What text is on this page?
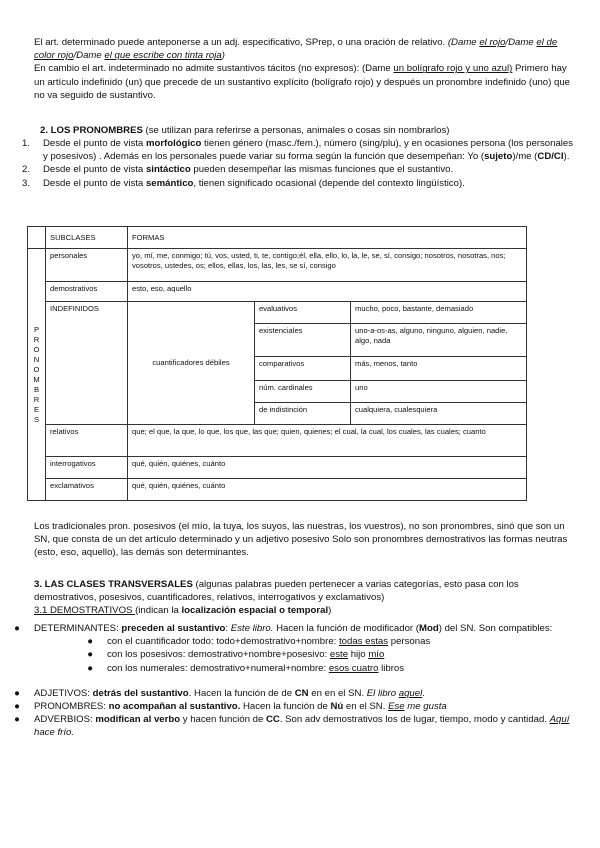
El art. determinado puede anteponerse a un adj. especificativo, SPrep, o una oración de relativo. (Dame el rojo/Dame el de color rojo/Dame el que escribe con tinta roja)

En cambio el art. indeterminado no admite sustantivos tácitos (no expresos): (Dame un bolígrafo rojo y uno azul) Primero hay un artículo indefinido (un) que precede de un sustantivo explícito (bolígrafo rojo) y después un pronombre indefinido (uno) que no va seguido de sustantivo.

2. LOS PRONOMBRES (se utilizan para referirse a personas, animales o cosas sin nombrarlos)

1.	Desde el punto de vista morfológico tienen género (masc./fem.), número (sing/plu), y en ocasiones persona (los personales y posesivos) . Además en los personales puede variar su forma según la función que desempeñan: Yo (sujeto)/me (CD/CI).
2.	Desde el punto de vista sintáctico pueden desempeñar las mismas funciones que el sustantivo.
3.	Desde el punto de vista semántico, tienen significado ocasional (depende del contexto lingüístico).
	SUBCLASES	FORMAS		
P R O N O M B R E S	personales	yo, mí, me, conmigo; tú, vos, usted, ti, te, contigo;él, ella, ello, lo, la, le, se, sí, consigo; nosotros, nosotras, nos; vosotros, ustedes, os; ellos, ellas, los, las, les, se sí, consigo		
	demostrativos	esto, eso, aquello		
	INDEFINIDOS	cuantificadores débiles	evaluativos	mucho, poco, bastante, demasiado
			existenciales	uno-a-os-as, alguno, ninguno, alguien, nadie, algo, nada
			comparativos	más, menos, tanto
			núm. cardinales	uno
			de indistinción	cualquiera, cualesquiera
	relativos	que; el que, la que, lo que, los que, las que; quien, quienes; el cual, la cual, los cuales, las cuales; cuanto		
	interrogativos	qué, quién, quiénes, cuánto		
	exclamativos	qué, quién, quiénes, cuánto		

Los tradicionales pron. posesivos (el mío, la tuya, los suyos, las nuestras, los vuestros), no son pronombres, sinó que son un SN, que consta de un det artículo determinado y un adjetivo posesivo Solo son pronombres demostrativos las formas neutras (esto, eso, aquello), las demás son determinantes.

3. LAS CLASES TRANSVERSALES (algunas palabras pueden pertenecer a varias categorías, esto pasa con los demostrativos, posesivos, cuantificadores, relativos, interrogativos y exclamativos)

3.1 DEMOSTRATIVOS (indican la localización espacial o temporal)

●	DETERMINANTES: preceden al sustantivo: Este libro. Hacen la función de modificador (Mod) del SN. Son compatibles:
●	con el cuantificador todo: todo+demostrativo+nombre: todas estas personas
●	con los posesivos: demostrativo+nombre+posesivo: este hijo mío
●	con los numerales: demostrativo+numeral+nombre: esos cuatro libros
●	ADJETIVOS: detrás del sustantivo. Hacen la función de de CN en en el SN. El libro aquel.
●	PRONOMBRES: no acompañan al sustantivo. Hacen la función de Nú en el SN. Ese me gusta
●	ADVERBIOS: modifican al verbo y hacen función de CC. Son adv demostrativos los de lugar, tiempo, modo y cantidad. Aquí hace frío.
